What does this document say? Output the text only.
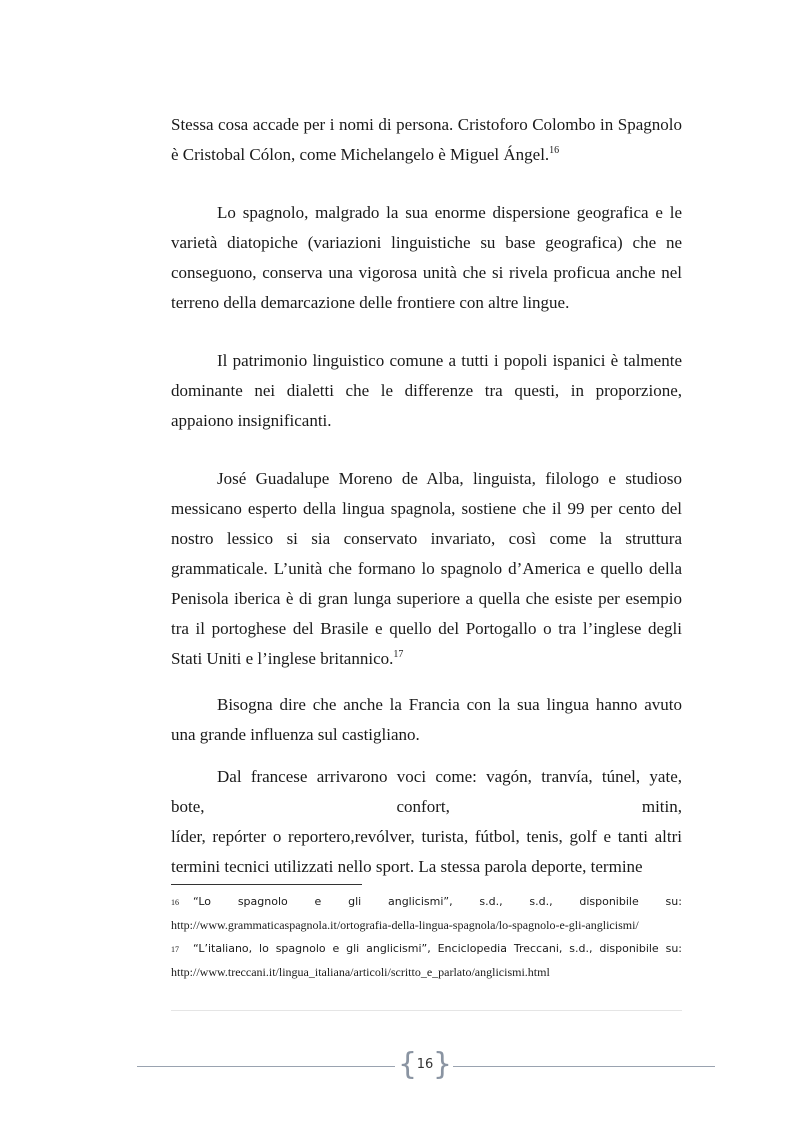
Stessa cosa accade per i nomi di persona. Cristoforo Colombo in Spagnolo è Cristobal Cólon, come Michelangelo è Miguel Ángel.$^{16}$

Lo spagnolo, malgrado la sua enorme dispersione geografica e le varietà diatopiche (variazioni linguistiche su base geografica) che ne conseguono, conserva una vigorosa unità che si rivela proficua anche nel terreno della demarcazione delle frontiere con altre lingue.

Il patrimonio linguistico comune a tutti i popoli ispanici è talmente dominante nei dialetti che le differenze tra questi, in proporzione, appaiono insignificanti.

José Guadalupe Moreno de Alba, linguista, filologo e studioso messicano esperto della lingua spagnola, sostiene che il 99 per cento del nostro lessico si sia conservato invariato, così come la struttura grammaticale. L’unità che formano lo spagnolo d’America e quello della Penisola iberica è di gran lunga superiore a quella che esiste per esempio tra il portoghese del Brasile e quello del Portogallo o tra l’inglese degli Stati Uniti e l’inglese britannico.$^{17}$

Bisogna dire che anche la Francia con la sua lingua hanno avuto una grande influenza sul castigliano.

Dal francese arrivarono voci come: vagón, tranvía, túnel, yate,

bote,	confort,	mitin,

líder, repórter o reportero,revólver, turista, fútbol, tenis, golf e tanti altri termini tecnici utilizzati nello sport. La stessa parola deporte, termine

16	“Lo spagnolo e gli anglicismi”, s.d., s.d., disponibile su:

http://www.grammaticaspagnola.it/ortografia-della-lingua-spagnola/lo-spagnolo-e-gli-anglicismi/

17	“L’italiano, lo spagnolo e gli anglicismi”, Enciclopedia Treccani, s.d., disponibile su:

http://www.treccani.it/lingua_italiana/articoli/scritto_e_parlato/anglicismi.html

{ 16 }
